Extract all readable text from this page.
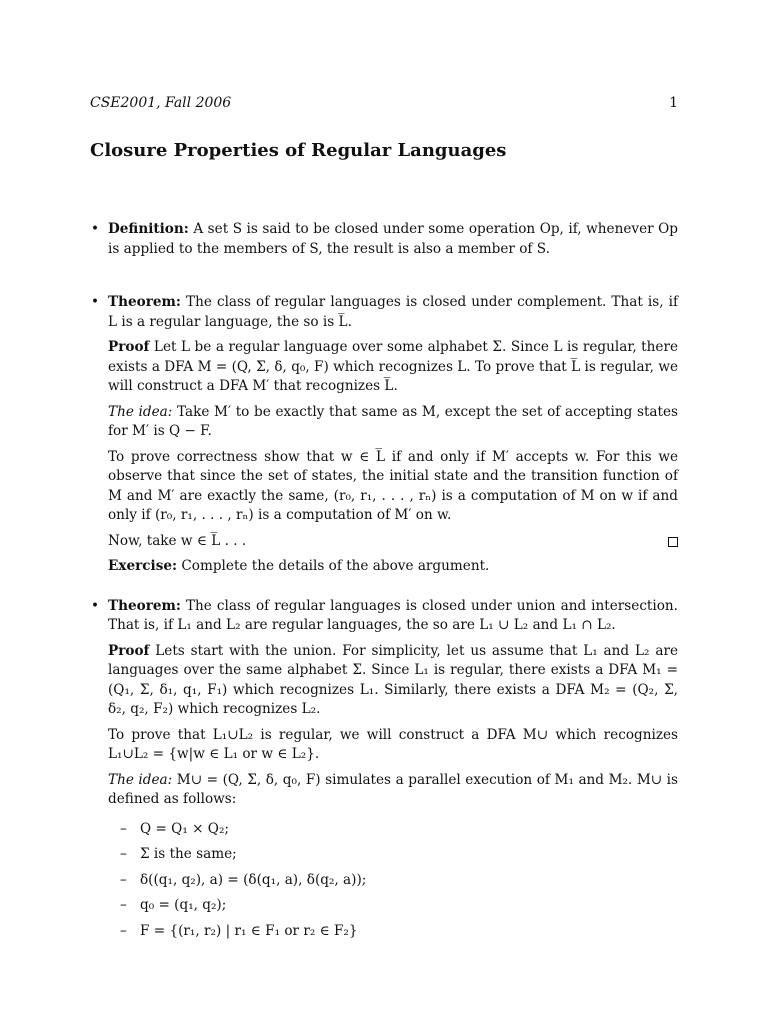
CSE2001, Fall 2006	1
Closure Properties of Regular Languages
• Definition: A set S is said to be closed under some operation Op, if, whenever Op is applied to the members of S, the result is also a member of S.

• Theorem: The class of regular languages is closed under complement. That is, if L is a regular language, the so is L̅.

Proof Let L be a regular language over some alphabet Σ. Since L is regular, there exists a DFA M = (Q, Σ, δ, q₀, F) which recognizes L. To prove that L̅ is regular, we will construct a DFA M′ that recognizes L̅.

The idea: Take M′ to be exactly that same as M, except the set of accepting states for M′ is Q − F.

To prove correctness show that w ∈ L̅ if and only if M′ accepts w. For this we observe that since the set of states, the initial state and the transition function of M and M′ are exactly the same, (r₀, r₁, . . . , rₙ) is a computation of M on w if and only if (r₀, r₁, . . . , rₙ) is a computation of M′ on w.

Now, take w ∈ L̅ . . .

Exercise: Complete the details of the above argument.

• Theorem: The class of regular languages is closed under union and intersection. That is, if L₁ and L₂ are regular languages, the so are L₁ ∪ L₂ and L₁ ∩ L₂.

Proof Lets start with the union. For simplicity, let us assume that L₁ and L₂ are languages over the same alphabet Σ. Since L₁ is regular, there exists a DFA M₁ = (Q₁, Σ, δ₁, q₁, F₁) which recognizes L₁. Similarly, there exists a DFA M₂ = (Q₂, Σ, δ₂, q₂, F₂) which recognizes L₂.

To prove that L₁∪L₂ is regular, we will construct a DFA M∪ which recognizes L₁∪L₂ = {w|w ∈ L₁ or w ∈ L₂}.

The idea: M∪ = (Q, Σ, δ, q₀, F) simulates a parallel execution of M₁ and M₂. M∪ is defined as follows:

– Q = Q₁ × Q₂;
– Σ is the same;
– δ((q₁, q₂), a) = (δ(q₁, a), δ(q₂, a));
– q₀ = (q₁, q₂);
– F = {(r₁, r₂) | r₁ ∈ F₁ or r₂ ∈ F₂}
